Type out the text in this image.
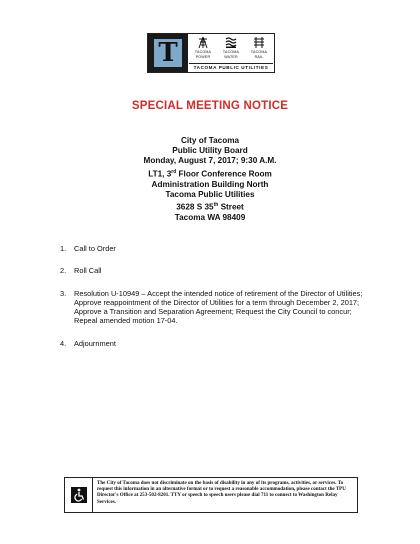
T	TACOMA
POWER
TACOMA
WATER
TACOMA
RAIL
TACOMA PUBLIC UTILITIES
SPECIAL MEETING NOTICE
City of Tacoma
Public Utility Board
Monday, August 7, 2017; 9:30 A.M.
LT1, 3rd Floor Conference Room
Administration Building North
Tacoma Public Utilities
3628 S 35th Street
Tacoma WA 98409
1.	Call to Order
2.	Roll Call
3.	Resolution U-10949 – Accept the intended notice of retirement of the Director of Utilities; Approve reappointment of the Director of Utilities for a term through December 2, 2017; Approve a Transition and Separation Agreement; Request the City Council to concur; Repeal amended motion 17-04.
4.	Adjournment
The City of Tacoma does not discriminate on the basis of disability in any of its programs, activities, or services. To request this information in an alternative format or to request a reasonable accommodation, please contact the TPU Director's Office at 253-502-8201. TTY or speech to speech users please dial 711 to connect to Washington Relay Services.
